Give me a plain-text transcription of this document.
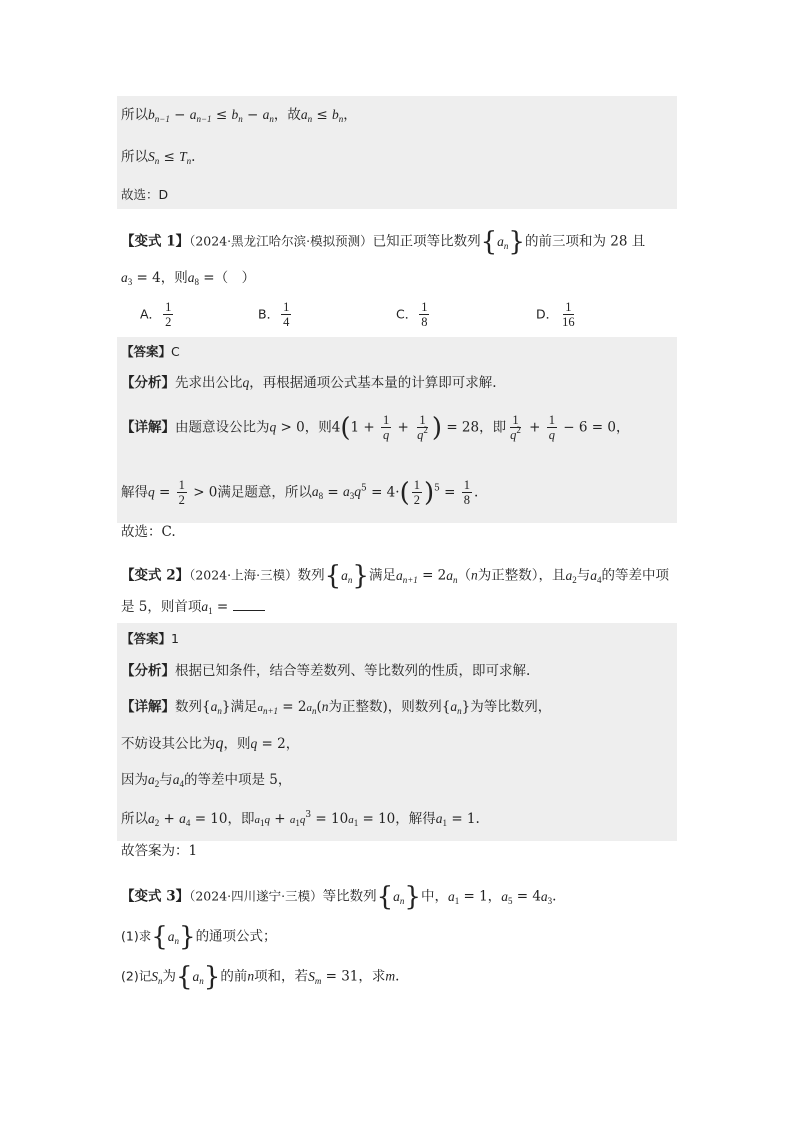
所以$b_{n-1} - a_{n-1} \le b_n - a_n$，故$a_n \le b_n$，
所以$S_n \le T_n$.
故选：D
【变式 1】（2024·黑龙江哈尔滨·模拟预测）已知正项等比数列$\{a_n\}$的前三项和为 28 且
$a_3 = 4$，则$a_8$ =（　）
A． $\frac{1}{2}$	B． $\frac{1}{4}$	C． $\frac{1}{8}$	D． $\frac{1}{16}$
【答案】C
【分析】先求出公比q，再根据通项公式基本量的计算即可求解.
【详解】由题意设公比为q > 0，则$4(1 + \frac{1}{q} + \frac{1}{q^2}$ ) = 28，即 $\frac{1}{q^2} + \frac{1}{q} - 6 = 0$，
解得$q = \frac{1}{2} > 0$满足题意，所以$a_8 = a_3q^5 = 4\cdot( \frac{1}{2} )^5 = \frac{1}{8}$ .
故选：C.
【变式 2】（2024·上海·三模）数列$\{a_n\}$满足$a_{n+1} = 2a_n(n$为正整数），且$a_2$与$a_4$的等差中项
是 5，则首项$a_1$ =
【答案】1
【分析】根据已知条件，结合等差数列、等比数列的性质，即可求解.
【详解】数列$\{a_n\}$满足$a_{n+1} = 2a_n(n$为正整数)，则数列$\{a_n\}$为等比数列，
不妨设其公比为q，则q = 2，
因为$a_2$与$a_4$的等差中项是 5，
所以$a_2 + a_4 = 10$，即$a_1q + a_1q^3 = 10a_1 = 10$，解得$a_1 = 1$.
故答案为：1
【变式 3】（2024·四川遂宁·三模）等比数列$\{a_n\}$中，$a_1 = 1$，$a_5 = 4a_3$.
(1)求$\{a_n\}$的通项公式；
(2)记$S_n$为$\{a_n\}$的前n项和，若$S_m = 31$，求m.
